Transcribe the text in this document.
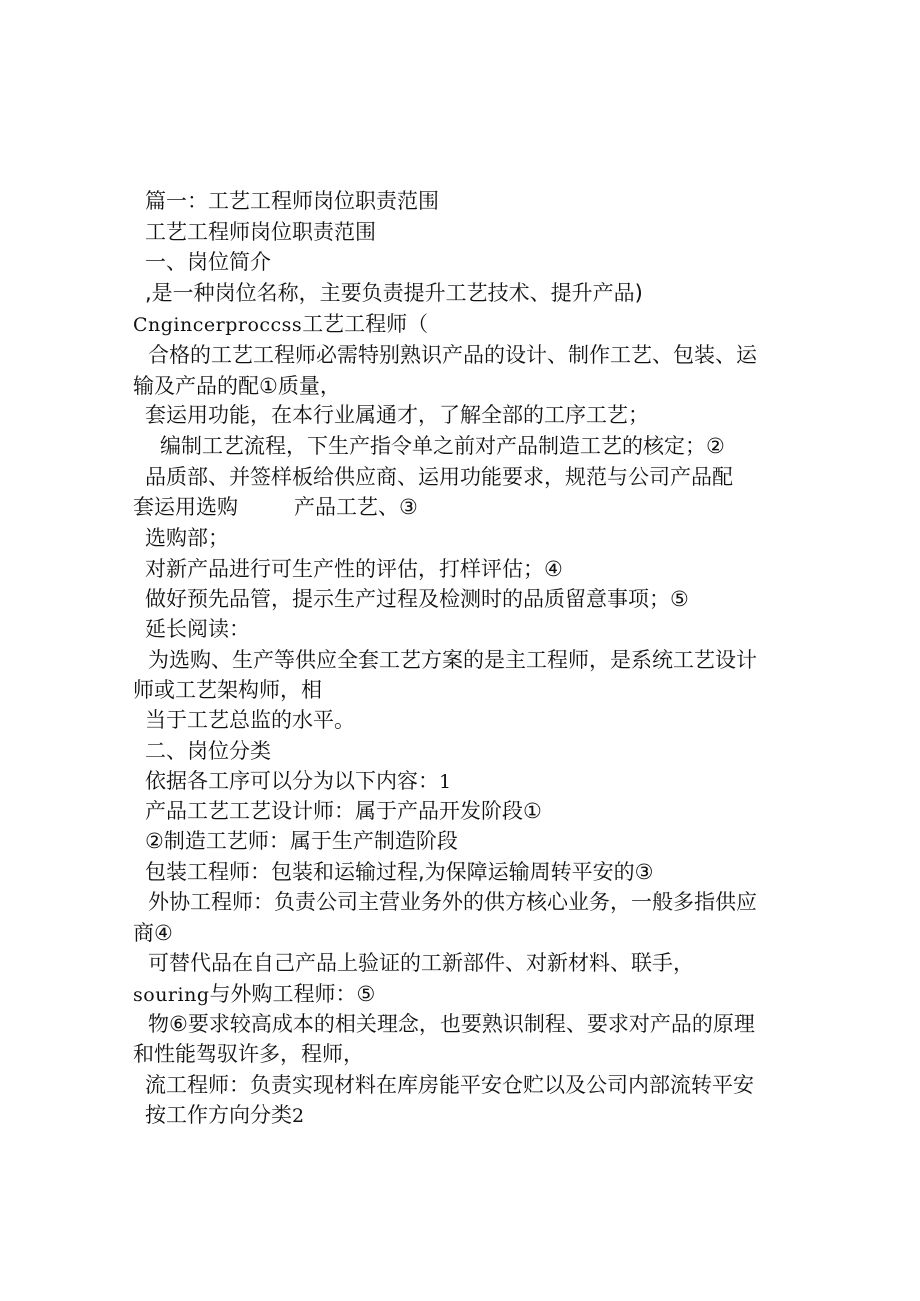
篇一：工艺工程师岗位职责范围
工艺工程师岗位职责范围
一、岗位简介
,是一种岗位名称，主要负责提升工艺技术、提升产品)
Cngincerproccss工艺工程师（
合格的工艺工程师必需特别熟识产品的设计、制作工艺、包装、运
输及产品的配①质量，
套运用功能，在本行业属通才，了解全部的工序工艺；
编制工艺流程，下生产指令单之前对产品制造工艺的核定；②
品质部、并签样板给供应商、运用功能要求，规范与公司产品配
套运用选购	产品工艺、③
选购部；
对新产品进行可生产性的评估，打样评估；④
做好预先品管，提示生产过程及检测时的品质留意事项；⑤
延长阅读：
为选购、生产等供应全套工艺方案的是主工程师，是系统工艺设计
师或工艺架构师，相
当于工艺总监的水平。
二、岗位分类
依据各工序可以分为以下内容：1
产品工艺工艺设计师：属于产品开发阶段①
②制造工艺师：属于生产制造阶段
包装工程师：包装和运输过程,为保障运输周转平安的③
外协工程师：负责公司主营业务外的供方核心业务，一般多指供应
商④
可替代品在自己产品上验证的工新部件、对新材料、联手，
souring与外购工程师：⑤
物⑥要求较高成本的相关理念，也要熟识制程、要求对产品的原理
和性能驾驭许多，程师，
流工程师：负责实现材料在库房能平安仓贮以及公司内部流转平安
按工作方向分类2
